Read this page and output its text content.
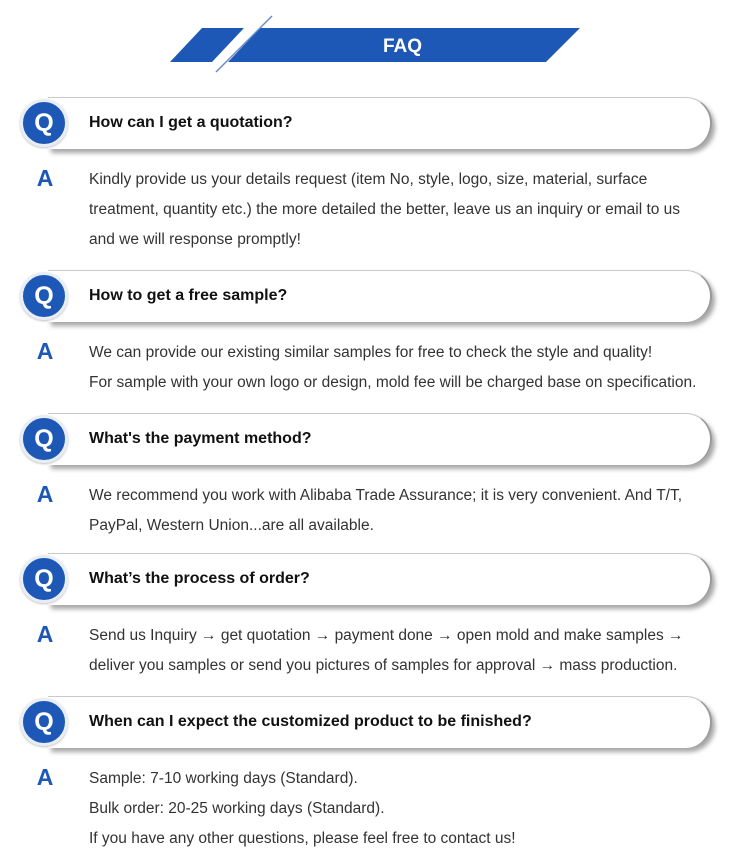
FAQ
Q	How can I get a quotation?
A Kindly provide us your details request (item No, style, logo, size, material, surface treatment, quantity etc.) the more detailed the better, leave us an inquiry or email to us and we will response promptly!

Q	How to get a free sample?
A We can provide our existing similar samples for free to check the style and quality!

For sample with your own logo or design, mold fee will be charged base on specification.

Q	What's the payment method?
A We recommend you work with Alibaba Trade Assurance; it is very convenient. And T/T, PayPal, Western Union...are all available.

Q	What’s the process of order?
A Send us Inquiry → get quotation → payment done → open mold and make samples →

deliver you samples or send you pictures of samples for approval → mass production.

Q	When can I expect the customized product to be finished?
A Sample: 7-10 working days (Standard).

Bulk order: 20-25 working days (Standard).

If you have any other questions, please feel free to contact us!
